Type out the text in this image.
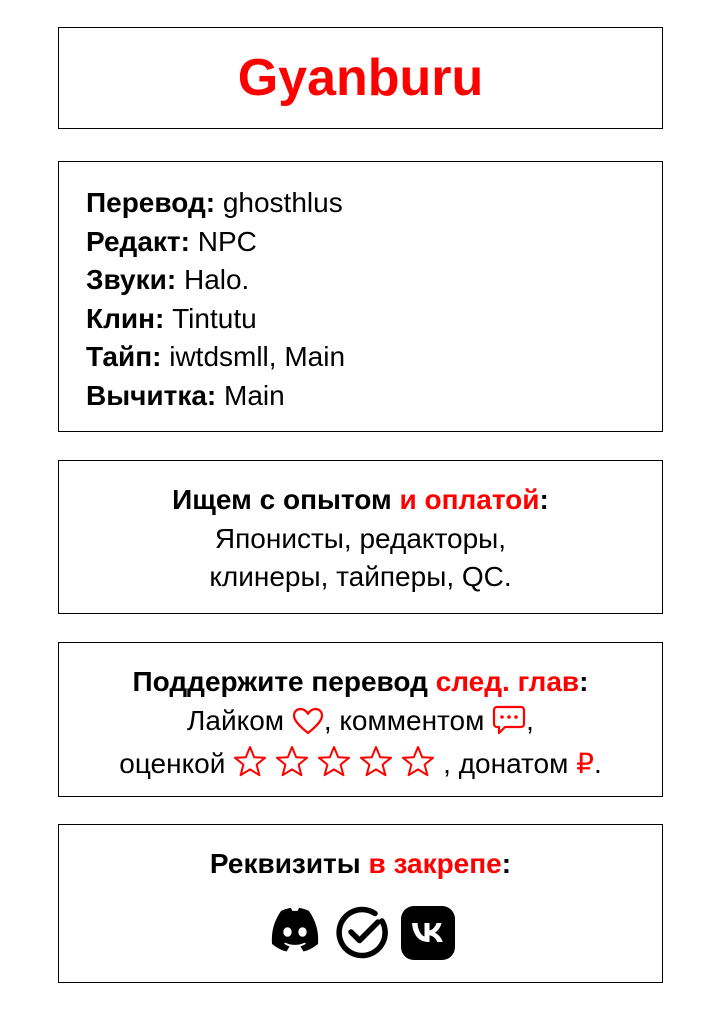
Gyanburu
Перевод: ghosthlus
Редакт: NPC
Звуки: Halo.
Клин: Tintutu
Тайп: iwtdsmll, Main
Вычитка: Main
Ищем с опытом и оплатой:
Японисты, редакторы,
клинеры, тайперы, QC.
Поддержите перевод след. глав:
Лайком , комментом ,
оценкой	, донатом ₽.
Реквизиты в закрепе:
